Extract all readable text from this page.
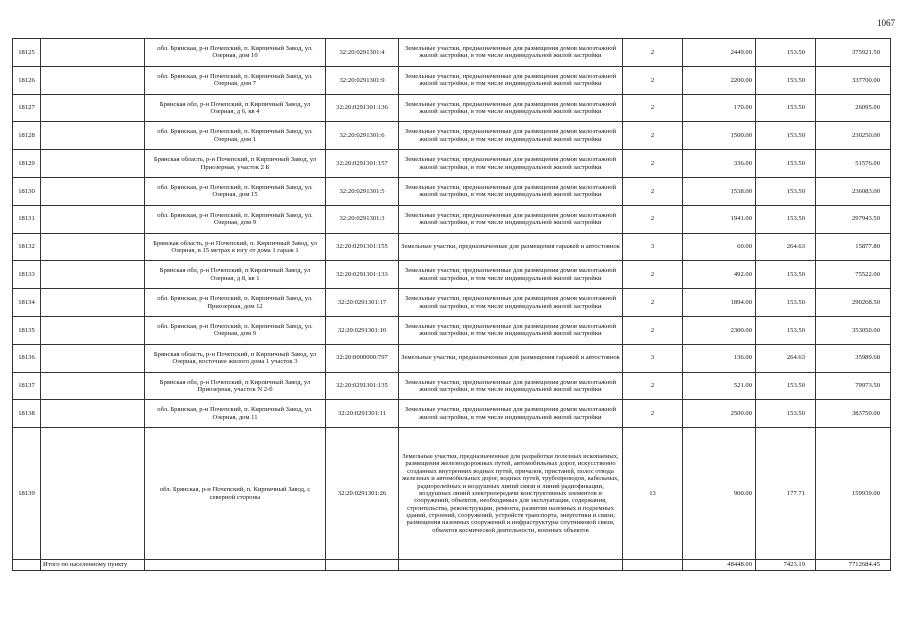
1067
18125		обл. Брянская, р-н Почепский, п. Кирпичный Завод, ул. Озерная, дом 10	32:20:0291301:4	Земельные участки, предназначенные для размещения домов малоэтажной жилой застройки, в том числе индивидуальной жилой застройки	2	2449.00	153.50	375921.50
18126		обл. Брянская, р-н Почепский, п. Кирпичный Завод, ул. Озерная, дом 7	32:20:0291301:9	Земельные участки, предназначенные для размещения домов малоэтажной жилой застройки, в том числе индивидуальной жилой застройки	2	2200.00	153.50	337700.00
18127		Брянская обл, р-н Почепский, п Кирпичный Завод, ул Озерная, д 6, кв 4	32:20:0291301:136	Земельные участки, предназначенные для размещения домов малоэтажной жилой застройки, в том числе индивидуальной жилой застройки	2	170.00	153.50	26095.00
18128		обл. Брянская, р-н Почепский, п. Кирпичный Завод, ул. Озерная, дом 1	32:20:0291301:6	Земельные участки, предназначенные для размещения домов малоэтажной жилой застройки, в том числе индивидуальной жилой застройки	2	1500.00	153.50	230250.00
18129		Брянская область, р-н Почепский, п Кирпичный Завод, ул Приозерная, участок 2 Б	32:20:0291301:157	Земельные участки, предназначенные для размещения домов малоэтажной жилой застройки, в том числе индивидуальной жилой застройки	2	336.00	153.50	51576.00
18130		обл. Брянская, р-н Почепский, п. Кирпичный Завод, ул. Озерная, дом 15	32:20:0291301:5	Земельные участки, предназначенные для размещения домов малоэтажной жилой застройки, в том числе индивидуальной жилой застройки	2	1538.00	153.50	236083.00
18131		обл. Брянская, р-н Почепский, п. Кирпичный Завод, ул. Озерная, дом 9	32:20:0291301:3	Земельные участки, предназначенные для размещения домов малоэтажной жилой застройки, в том числе индивидуальной жилой застройки	2	1941.00	153.50	297943.50
18132		Брянская область, р-н Почепский, п. Кирпичный Завод, ул Озерная, в 15 метрах к югу от дома 1 гараж 1	32:20:0291301:155	Земельные участки, предназначенные для размещения гаражей и автостоянок	3	60.00	264.63	15877.80
18133		Брянская обл, р-н Почепский, п Кирпичный Завод, ул Озерная, д 8, кв 1	32:20:0291301:133	Земельные участки, предназначенные для размещения домов малоэтажной жилой застройки, в том числе индивидуальной жилой застройки	2	492.00	153.50	75522.00
18134		обл. Брянская, р-н Почепский, п. Кирпичный Завод, ул. Приозерная, дом 12	32:20:0291301:17	Земельные участки, предназначенные для размещения домов малоэтажной жилой застройки, в том числе индивидуальной жилой застройки	2	1894.00	153.50	290268.50
18135		обл. Брянская, р-н Почепский, п. Кирпичный Завод, ул. Озерная, дом 9	32:20:0291301:10	Земельные участки, предназначенные для размещения домов малоэтажной жилой застройки, в том числе индивидуальной жилой застройки	2	2300.00	153.50	353050.00
18136		Брянская область, р-н Почепский, п Кирпичный Завод, ул Озерная, восточнее жилого дома 1 участок 3	32:20:0000000:797	Земельные участки, предназначенные для размещения гаражей и автостоянок	3	136.00	264.63	35989.68
18137		Брянская обл, р-н Почепский, п Кирпичный Завод, ул Приозерная, участок N 2-б	32:20:0291301:135	Земельные участки, предназначенные для размещения домов малоэтажной жилой застройки, в том числе индивидуальной жилой застройки	2	521.00	153.50	79973.50
18138		обл. Брянская, р-н Почепский, п. Кирпичный Завод, ул. Озерная, дом 11	32:20:0291301:11	Земельные участки, предназначенные для размещения домов малоэтажной жилой застройки, в том числе индивидуальной жилой застройки	2	2500.00	153.50	383750.00
18139		обл. Брянская, р-н Почепский, п. Кирпичный Завод, с северной стороны	32:20:0291301:26	Земельные участки, предназначенные для разработки полезных ископаемых, размещения железнодорожных путей, автомобильных дорог, искусственно созданных внутренних водных путей, причалов, пристаней, полос отвода железных и автомобильных дорог, водных путей, трубопроводов, кабельных, радиорелейных и воздушных линий связи и линий радиофикации, воздушных линий электропередачи конструктивных элементов и сооружений, объектов, необходимых для эксплуатации, содержания, строительства, реконструкции, ремонта, развития наземных и подземных зданий, строений, сооружений, устройств транспорта, энергетики и связи; размещения наземных сооружений и инфраструктуры спутниковой связи, объектов космической деятельности, военных объектов	13	900.00	177.71	159939.00
	Итого по населенному пункту					48448.00	7423.19	7712684.45
